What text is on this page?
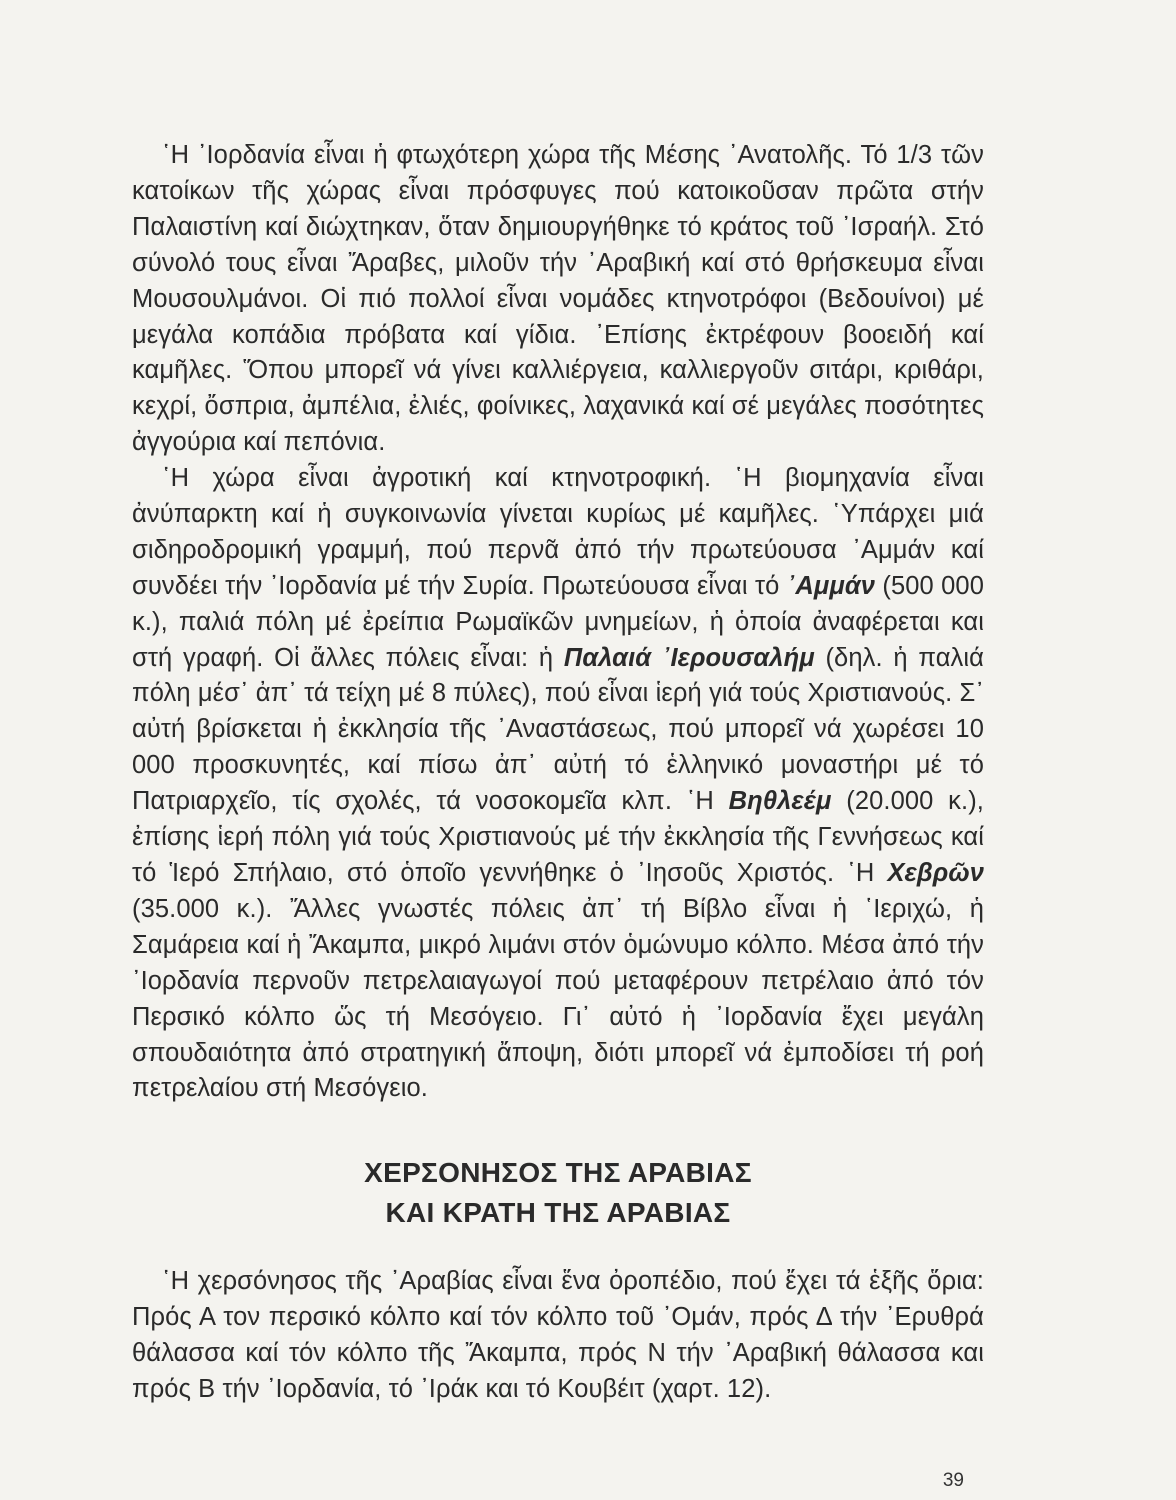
῾Η ᾿Ιορδανία εἶναι ἡ φτωχότερη χώρα τῆς Μέσης ᾿Ανατολῆς. Τό 1/3 τῶν κατοίκων τῆς χώρας εἶναι πρόσφυγες πού κατοικοῦσαν πρῶτα στήν Παλαιστίνη καί διώχτηκαν, ὅταν δημιουργήθηκε τό κράτος τοῦ ᾿Ισραήλ. Στό σύνολό τους εἶναι Ἄραβες, μιλοῦν τήν ᾿Αραβική καί στό θρήσκευμα εἶναι Μουσουλμάνοι. Οἱ πιό πολλοί εἶναι νομάδες κτηνοτρόφοι (Βεδουίνοι) μέ μεγάλα κοπάδια πρόβατα καί γίδια. ᾿Επίσης ἐκτρέφουν βοοειδή καί καμῆλες. Ὅπου μπορεῖ νά γίνει καλλιέργεια, καλλιεργοῦν σιτάρι, κριθάρι, κεχρί, ὄσπρια, ἀμπέλια, ἐλιές, φοίνικες, λαχανικά καί σέ μεγάλες ποσότητες ἀγγούρια καί πεπόνια.

῾Η χώρα εἶναι ἀγροτική καί κτηνοτροφική. ῾Η βιομηχανία εἶναι ἀνύπαρκτη καί ἡ συγκοινωνία γίνεται κυρίως μέ καμῆλες. ῾Υπάρχει μιά σιδηροδρομική γραμμή, πού περνᾶ ἀπό τήν πρωτεύουσα ᾿Αμμάν καί συνδέει τήν ᾿Ιορδανία μέ τήν Συρία. Πρωτεύουσα εἶναι τό ᾿Αμμάν (500 000 κ.), παλιά πόλη μέ ἐρείπια Ρωμαϊκῶν μνημείων, ἡ ὁποία ἀναφέρεται και στή γραφή. Οἱ ἄλλες πόλεις εἶναι: ἡ Παλαιά ᾿Ιερουσαλήμ (δηλ. ἡ παλιά πόλη μέσ᾿ ἀπ᾿ τά τείχη μέ 8 πύλες), πού εἶναι ἱερή γιά τούς Χριστιανούς. Σ᾿ αὐτή βρίσκεται ἡ ἐκκλησία τῆς ᾿Αναστάσεως, πού μπορεῖ νά χωρέσει 10 000 προσκυνητές, καί πίσω ἀπ᾿ αὐτή τό ἑλληνικό μοναστήρι μέ τό Πατριαρχεῖο, τίς σχολές, τά νοσοκομεῖα κλπ. ῾Η Βηθλεέμ (20.000 κ.), ἐπίσης ἱερή πόλη γιά τούς Χριστιανούς μέ τήν ἐκκλησία τῆς Γεννήσεως καί τό Ἱερό Σπήλαιο, στό ὁποῖο γεννήθηκε ὁ ᾿Ιησοῦς Χριστός. ῾Η Χεβρῶν (35.000 κ.). Ἄλλες γνωστές πόλεις ἀπ᾿ τή Βίβλο εἶναι ἡ ῾Ιεριχώ, ἡ Σαμάρεια καί ἡ Ἄκαμπα, μικρό λιμάνι στόν ὁμώνυμο κόλπο. Μέσα ἀπό τήν ᾿Ιορδανία περνοῦν πετρελαιαγωγοί πού μεταφέρουν πετρέλαιο ἀπό τόν Περσικό κόλπο ὥς τή Μεσόγειο. Γι᾿ αὐτό ἡ ᾿Ιορδανία ἔχει μεγάλη σπουδαιότητα ἀπό στρατηγική ἄποψη, διότι μπορεῖ νά ἐμποδίσει τή ροή πετρελαίου στή Μεσόγειο.

ΧΕΡΣΟΝΗΣΟΣ ΤΗΣ ΑΡΑΒΙΑΣ
ΚΑΙ ΚΡΑΤΗ ΤΗΣ ΑΡΑΒΙΑΣ

῾Η χερσόνησος τῆς ᾿Αραβίας εἶναι ἕνα ὀροπέδιο, πού ἔχει τά ἑξῆς ὅρια: Πρός Α τον περσικό κόλπο καί τόν κόλπο τοῦ ᾿Ομάν, πρός Δ τήν ᾿Ερυθρά θάλασσα καί τόν κόλπο τῆς Ἄκαμπα, πρός Ν τήν ᾿Αραβική θάλασσα και πρός Β τήν ᾿Ιορδανία, τό ᾿Ιράκ και τό Κουβέιτ (χαρτ. 12).

39
